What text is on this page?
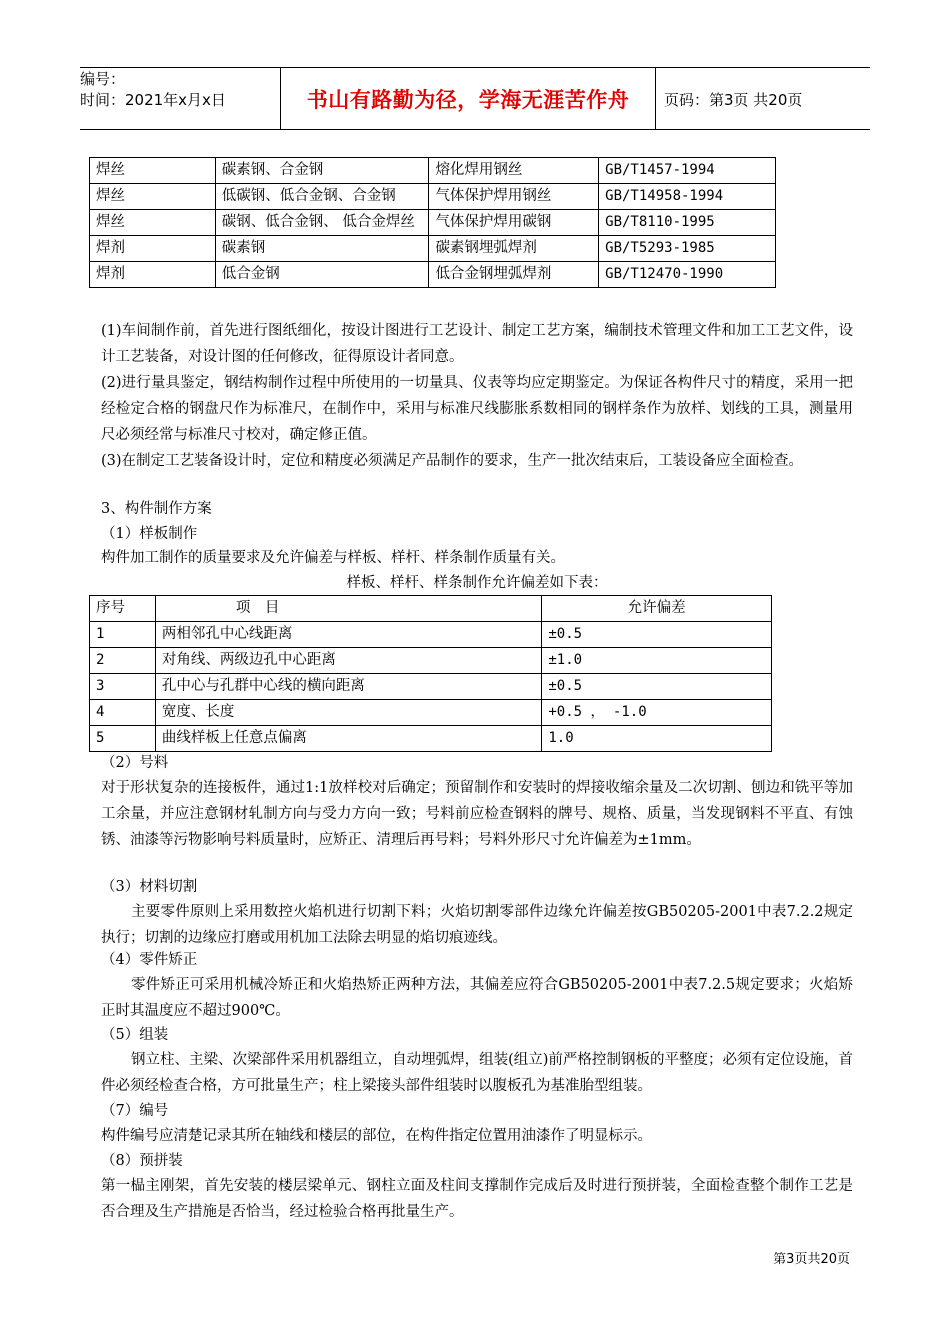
编号：
时间：2021年x月x日	书山有路勤为径，学海无涯苦作舟	页码：第3页 共20页
焊丝	碳素钢、合金钢	熔化焊用钢丝	GB/T1457-1994
焊丝	低碳钢、低合金钢、合金钢	气体保护焊用钢丝	GB/T14958-1994
焊丝	碳钢、低合金钢、 低合金焊丝	气体保护焊用碳钢	GB/T8110-1995
焊剂	碳素钢	碳素钢埋弧焊剂	GB/T5293-1985
焊剂	低合金钢	低合金钢埋弧焊剂	GB/T12470-1990

(1)车间制作前，首先进行图纸细化，按设计图进行工艺设计、制定工艺方案，编制技术管理文件和加工工艺文件，设计工艺装备，对设计图的任何修改，征得原设计者同意。

(2)进行量具鉴定，钢结构制作过程中所使用的一切量具、仪表等均应定期鉴定。为保证各构件尺寸的精度，采用一把经检定合格的钢盘尺作为标准尺，在制作中，采用与标准尺线膨胀系数相同的钢样条作为放样、划线的工具，测量用尺必须经常与标准尺寸校对，确定修正值。

(3)在制定工艺装备设计时，定位和精度必须满足产品制作的要求，生产一批次结束后，工装设备应全面检查。

3、构件制作方案

（1）样板制作

构件加工制作的质量要求及允许偏差与样板、样杆、样条制作质量有关。

样板、样杆、样条制作允许偏差如下表：
序号	项　目	允许偏差
1	两相邻孔中心线距离	±0.5
2	对角线、两级边孔中心距离	±1.0
3	孔中心与孔群中心线的横向距离	±0.5
4	宽度、长度	+0.5 ， -1.0
5	曲线样板上任意点偏离	1.0

（2）号料

对于形状复杂的连接板件，通过1:1放样校对后确定；预留制作和安装时的焊接收缩余量及二次切割、刨边和铣平等加工余量，并应注意钢材轧制方向与受力方向一致；号料前应检查钢料的牌号、规格、质量，当发现钢料不平直、有蚀锈、油漆等污物影响号料质量时，应矫正、清理后再号料；号料外形尺寸允许偏差为±1mm。

（3）材料切割

主要零件原则上采用数控火焰机进行切割下料；火焰切割零部件边缘允许偏差按GB50205-2001中表7.2.2规定执行；切割的边缘应打磨或用机加工法除去明显的焰切痕迹线。

（4）零件矫正

零件矫正可采用机械冷矫正和火焰热矫正两种方法，其偏差应符合GB50205-2001中表7.2.5规定要求；火焰矫正时其温度应不超过900℃。

（5）组装

钢立柱、主梁、次梁部件采用机器组立，自动埋弧焊，组装(组立)前严格控制钢板的平整度；必须有定位设施，首件必须经检查合格，方可批量生产；柱上梁接头部件组装时以腹板孔为基准胎型组装。

（7）编号

构件编号应清楚记录其所在轴线和楼层的部位，在构件指定位置用油漆作了明显标示。

（8）预拼装

第一榀主刚架，首先安装的楼层梁单元、钢柱立面及柱间支撑制作完成后及时进行预拼装，全面检查整个制作工艺是否合理及生产措施是否恰当，经过检验合格再批量生产。

第3页共20页
